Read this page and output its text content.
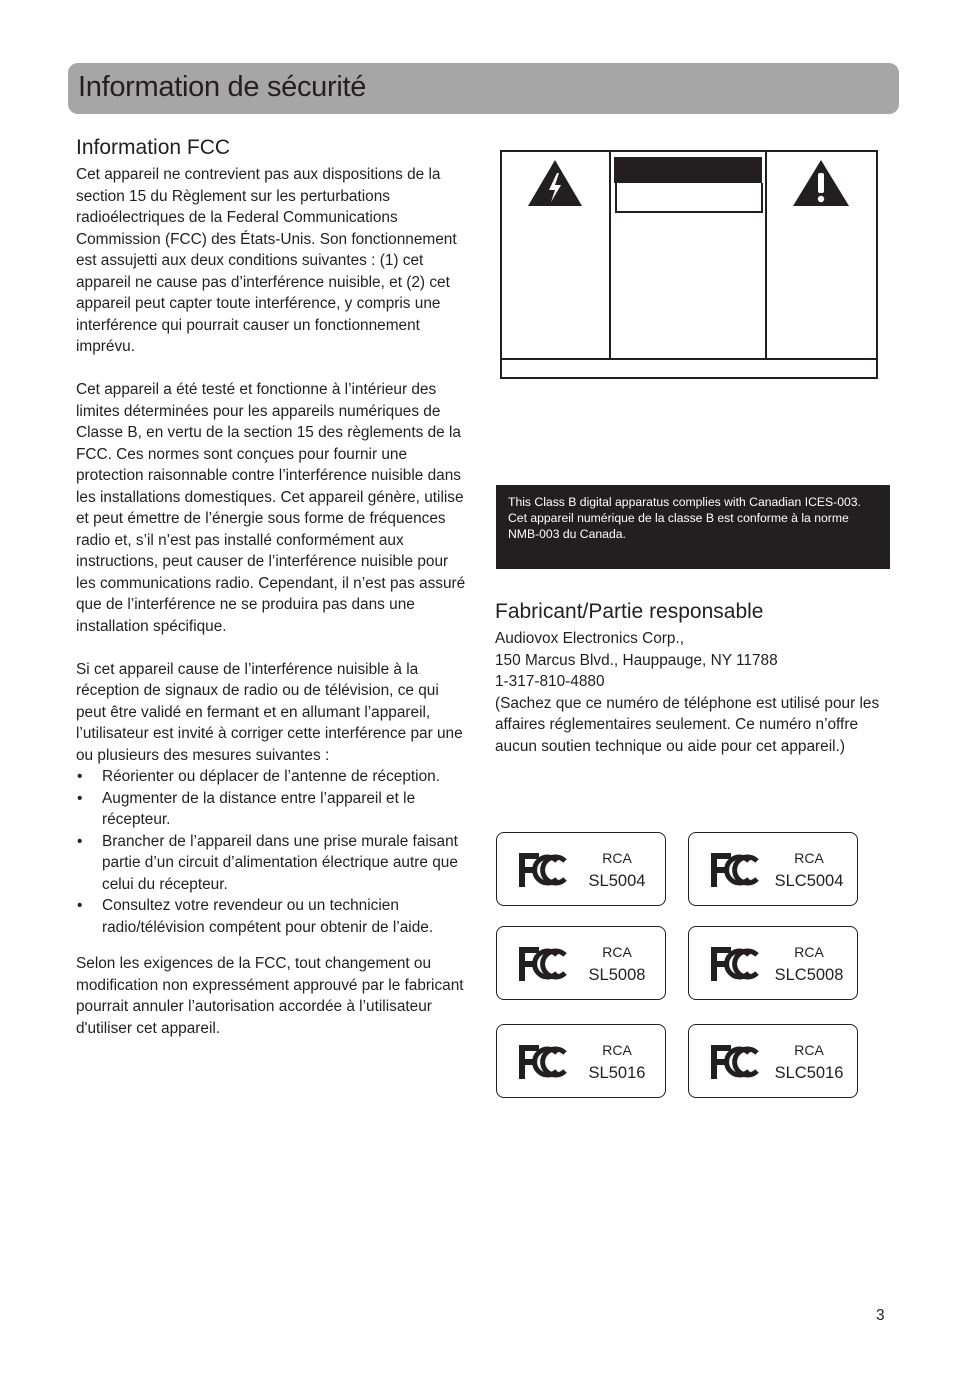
Information de sécurité
Information FCC

Cet appareil ne contrevient pas aux dispositions de la section 15 du Règlement sur les perturbations radioélectriques de la Federal Communications Commission (FCC) des États-Unis. Son fonctionnement est assujetti aux deux conditions suivantes : (1) cet appareil ne cause pas d’interférence nuisible, et (2) cet appareil peut capter toute interférence, y compris une interférence qui pourrait causer un fonctionnement imprévu.

Cet appareil a été testé et fonctionne à l’intérieur des limites déterminées pour les appareils numériques de Classe B, en vertu de la section 15 des règlements de la FCC. Ces normes sont conçues pour fournir une protection raisonnable contre l’interférence nuisible dans les installations domestiques. Cet appareil génère, utilise et peut émettre de l’énergie sous forme de fréquences radio et, s’il n’est pas installé conformément aux instructions, peut causer de l’interférence nuisible pour les communications radio. Cependant, il n’est pas assuré que de l’interférence ne se produira pas dans une installation spécifique.

Si cet appareil cause de l’interférence nuisible à la réception de signaux de radio ou de télévision, ce qui peut être validé en fermant et en allumant l’appareil, l’utilisateur est invité à corriger cette interférence par une ou plusieurs des mesures suivantes :

• Réorienter ou déplacer de l’antenne de réception.
• Augmenter de la distance entre l’appareil et le récepteur.
• Brancher de l’appareil dans une prise murale faisant partie d’un circuit d’alimentation électrique autre que celui du récepteur.
• Consultez votre revendeur ou un technicien radio/télévision compétent pour obtenir de l’aide.

Selon les exigences de la FCC, tout changement ou modification non expressément approuvé par le fabricant pourrait annuler l’autorisation accordée à l’utilisateur d'utiliser cet appareil.

This Class B digital apparatus complies with Canadian ICES-003.

Cet appareil numérique de la classe B est conforme à la norme NMB-003 du Canada.

Fabricant/Partie responsable

Audiovox Electronics Corp.,

150 Marcus Blvd., Hauppauge, NY 11788

1-317-810-4880

(Sachez que ce numéro de téléphone est utilisé pour les affaires réglementaires seulement. Ce numéro n’offre aucun soutien technique ou aide pour cet appareil.)

RCA
SL5004
RCA
SLC5004
RCA
SL5008
RCA
SLC5008
RCA
SL5016
RCA
SLC5016
3
